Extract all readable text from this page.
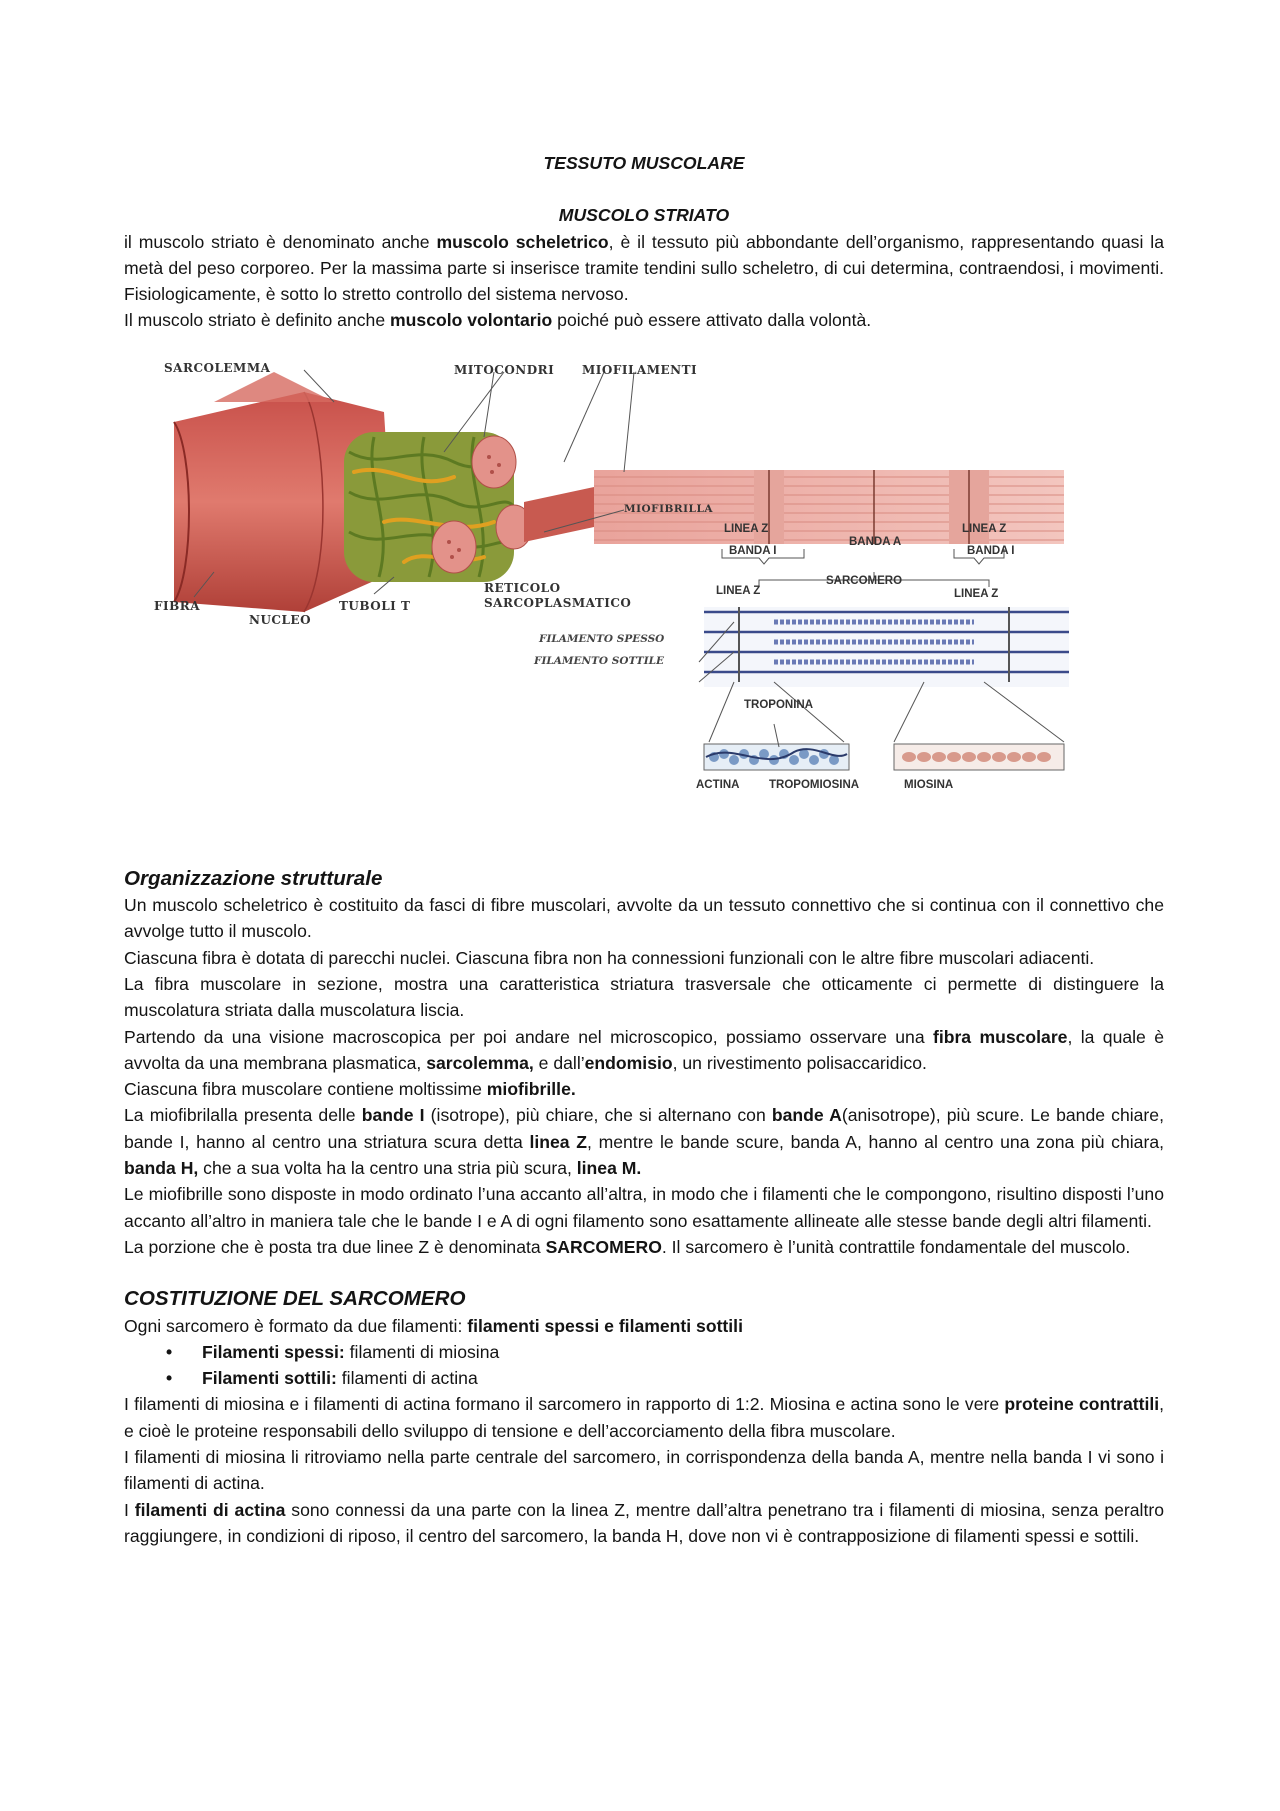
TESSUTO MUSCOLARE
MUSCOLO STRIATO

il muscolo striato è denominato anche muscolo scheletrico, è il tessuto più abbondante dell’organismo, rappresentando quasi la metà del peso corporeo. Per la massima parte si inserisce tramite tendini sullo scheletro, di cui determina, contraendosi, i movimenti. Fisiologicamente, è sotto lo stretto controllo del sistema nervoso.

Il muscolo striato è definito anche muscolo volontario poiché può essere attivato dalla volontà.

SARCOLEMMA	MITOCONDRI MIOFILAMENTI
MIOFIBRILLA
FIBRA
NUCLEO
TUBOLI T
RETICOLO
SARCOPLASMATICO
LINEA Z
BANDA I
BANDA A
LINEA Z
BANDA I
SARCOMERO
LINEA Z	LINEA Z
FILAMENTO SPESSO
FILAMENTO SOTTILE
TROPONINA
ACTINA	TROPOMIOSINA	MIOSINA
Organizzazione strutturale

Un muscolo scheletrico è costituito da fasci di fibre muscolari, avvolte da un tessuto connettivo che si continua con il connettivo che avvolge tutto il muscolo.

Ciascuna fibra è dotata di parecchi nuclei. Ciascuna fibra non ha connessioni funzionali con le altre fibre muscolari adiacenti.

La fibra muscolare in sezione, mostra una caratteristica striatura trasversale che otticamente ci permette di distinguere la muscolatura striata dalla muscolatura liscia.

Partendo da una visione macroscopica per poi andare nel microscopico, possiamo osservare una fibra muscolare, la quale è avvolta da una membrana plasmatica, sarcolemma, e dall’endomisio, un rivestimento polisaccaridico.

Ciascuna fibra muscolare contiene moltissime miofibrille.

La miofibrilalla presenta delle bande I (isotrope), più chiare, che si alternano con bande A(anisotrope), più scure. Le bande chiare, bande I, hanno al centro una striatura scura detta linea Z, mentre le bande scure, banda A, hanno al centro una zona più chiara, banda H, che a sua volta ha la centro una stria più scura, linea M.

Le miofibrille sono disposte in modo ordinato l’una accanto all’altra, in modo che i filamenti che le compongono, risultino disposti l’uno accanto all’altro in maniera tale che le bande I e A di ogni filamento sono esattamente allineate alle stesse bande degli altri filamenti.

La porzione che è posta tra due linee Z è denominata SARCOMERO. Il sarcomero è l’unità contrattile fondamentale del muscolo.

COSTITUZIONE DEL SARCOMERO

Ogni sarcomero è formato da due filamenti: filamenti spessi e filamenti sottili

• Filamenti spessi: filamenti di miosina
• Filamenti sottili: filamenti di actina

I filamenti di miosina e i filamenti di actina formano il sarcomero in rapporto di 1:2. Miosina e actina sono le vere proteine contrattili, e cioè le proteine responsabili dello sviluppo di tensione e dell’accorciamento della fibra muscolare.

I filamenti di miosina li ritroviamo nella parte centrale del sarcomero, in corrispondenza della banda A, mentre nella banda I vi sono i filamenti di actina.

I filamenti di actina sono connessi da una parte con la linea Z, mentre dall’altra penetrano tra i filamenti di miosina, senza peraltro raggiungere, in condizioni di riposo, il centro del sarcomero, la banda H, dove non vi è contrapposizione di filamenti spessi e sottili.
